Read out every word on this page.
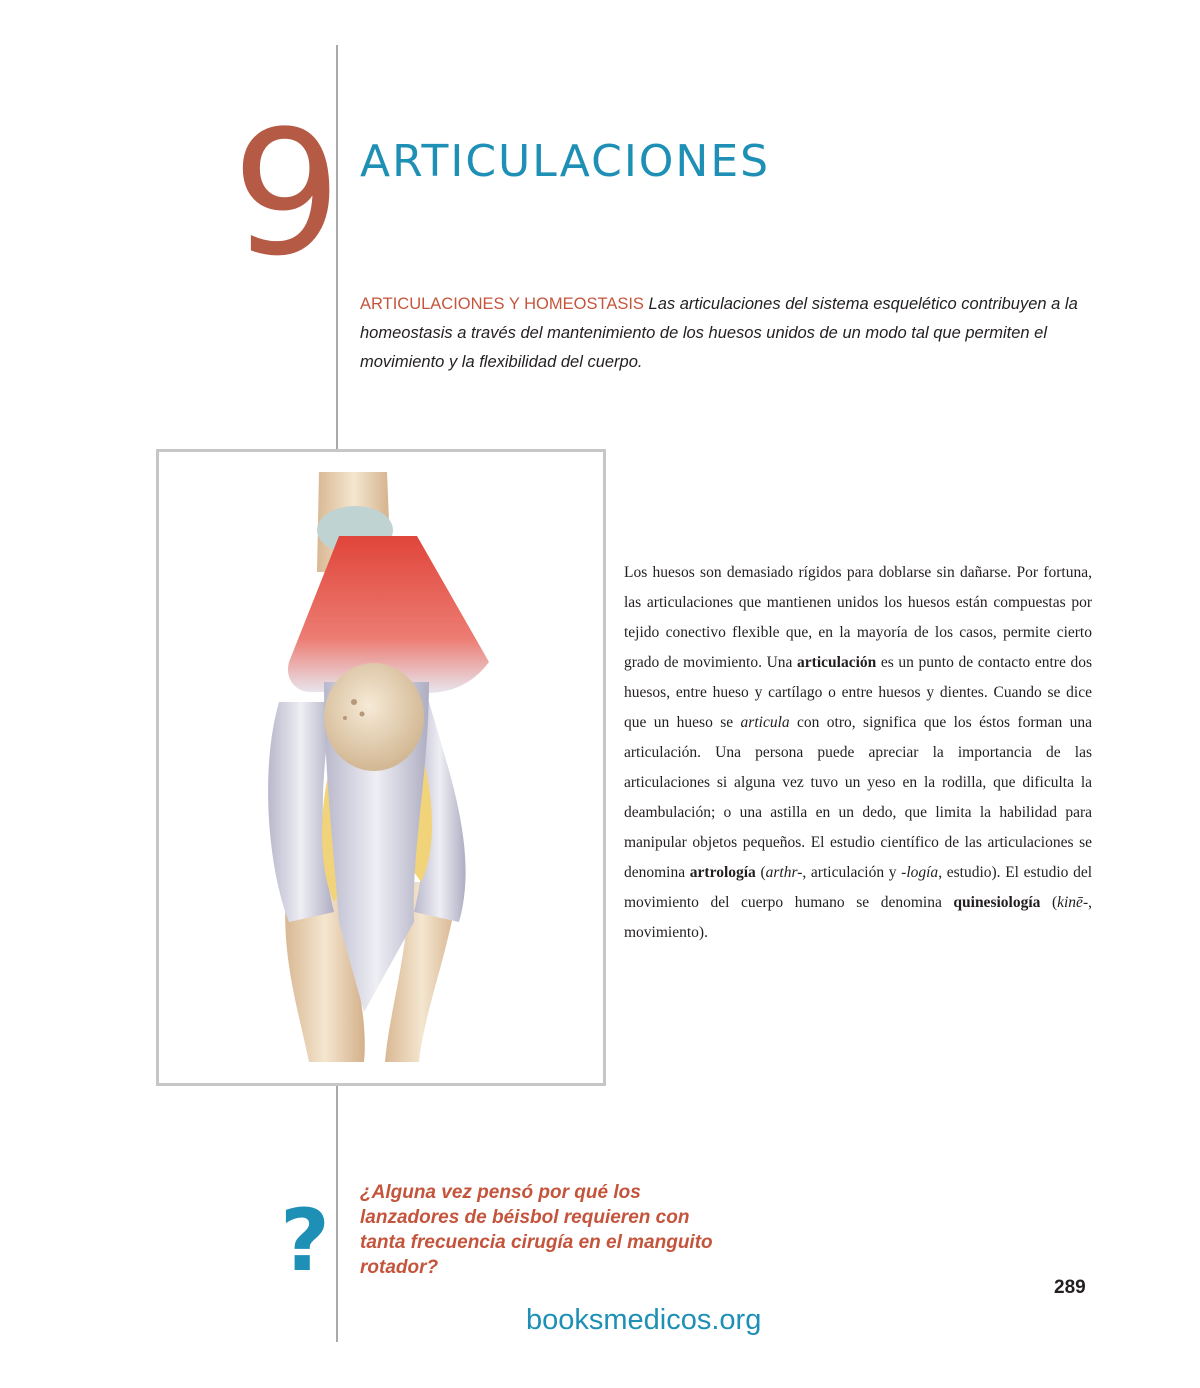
9 ARTICULACIONES

ARTICULACIONES Y HOMEOSTASIS Las articulaciones del sistema esquelético contribuyen a la homeostasis a través del mantenimiento de los huesos unidos de un modo tal que permiten el movimiento y la flexibilidad del cuerpo.

Los huesos son demasiado rígidos para doblarse sin dañarse. Por fortuna, las articulaciones que mantienen unidos los huesos están compuestas por tejido conectivo flexible que, en la mayoría de los casos, permite cierto grado de movimiento. Una articulación es un punto de contacto entre dos huesos, entre hueso y cartílago o entre huesos y dientes. Cuando se dice que un hueso se articula con otro, significa que los éstos forman una articulación. Una persona puede apreciar la importancia de las articulaciones si alguna vez tuvo un yeso en la rodilla, que dificulta la deambulación; o una astilla en un dedo, que limita la habilidad para manipular objetos pequeños. El estudio científico de las articulaciones se denomina artrología (arthr-, articulación y -logía, estudio). El estudio del movimiento del cuerpo humano se denomina quinesiología (kinē-, movimiento).
? ¿Alguna vez pensó por qué los lanzadores de béisbol requieren con tanta frecuencia cirugía en el manguito rotador?
289
booksmedicos.org
